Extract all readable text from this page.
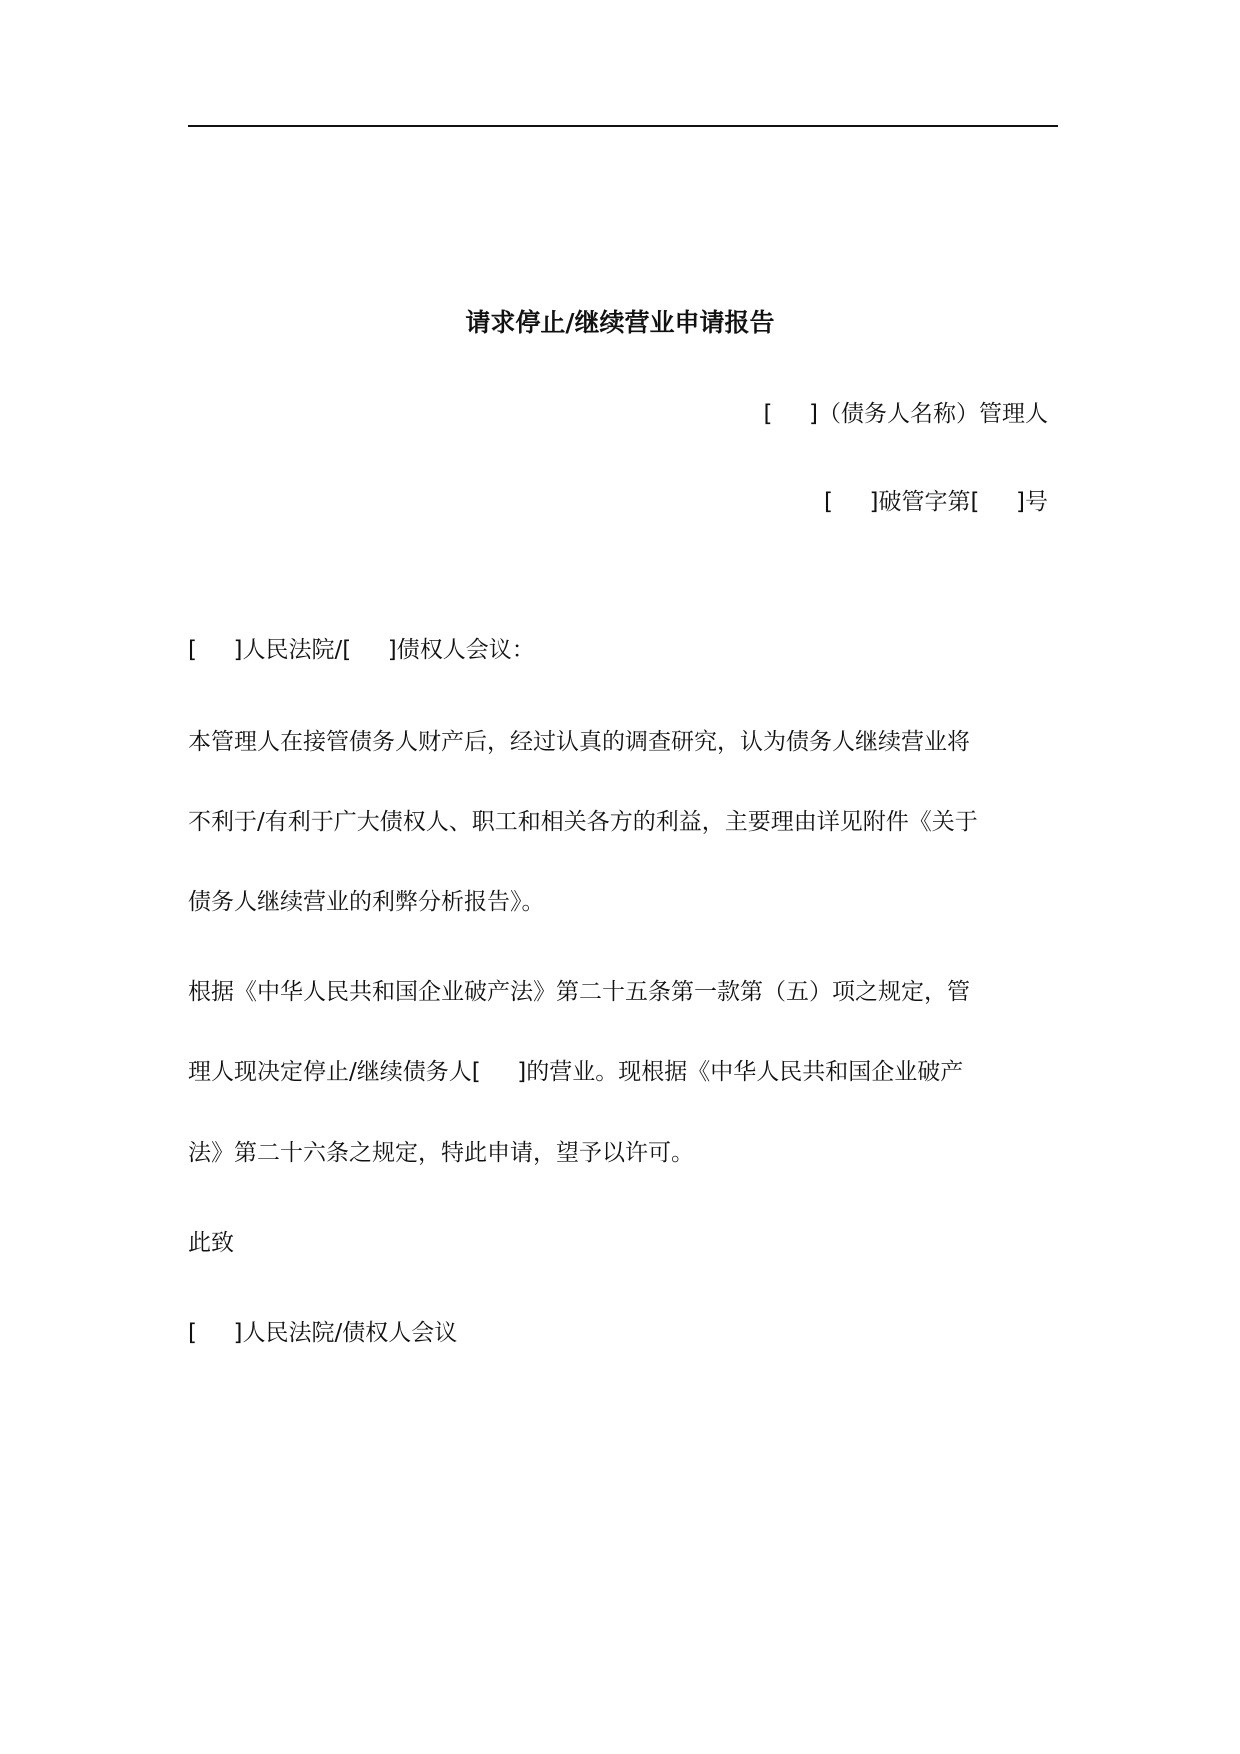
请求停止/继续营业申请报告

[     ]（债务人名称）管理人

[     ]破管字第[     ]号

[     ]人民法院/[     ]债权人会议：

本管理人在接管债务人财产后，经过认真的调查研究，认为债务人继续营业将

不利于/有利于广大债权人、职工和相关各方的利益，主要理由详见附件《关于

债务人继续营业的利弊分析报告》。

根据《中华人民共和国企业破产法》第二十五条第一款第（五）项之规定，管

理人现决定停止/继续债务人[     ]的营业。现根据《中华人民共和国企业破产

法》第二十六条之规定，特此申请，望予以许可。

此致

[     ]人民法院/债权人会议
